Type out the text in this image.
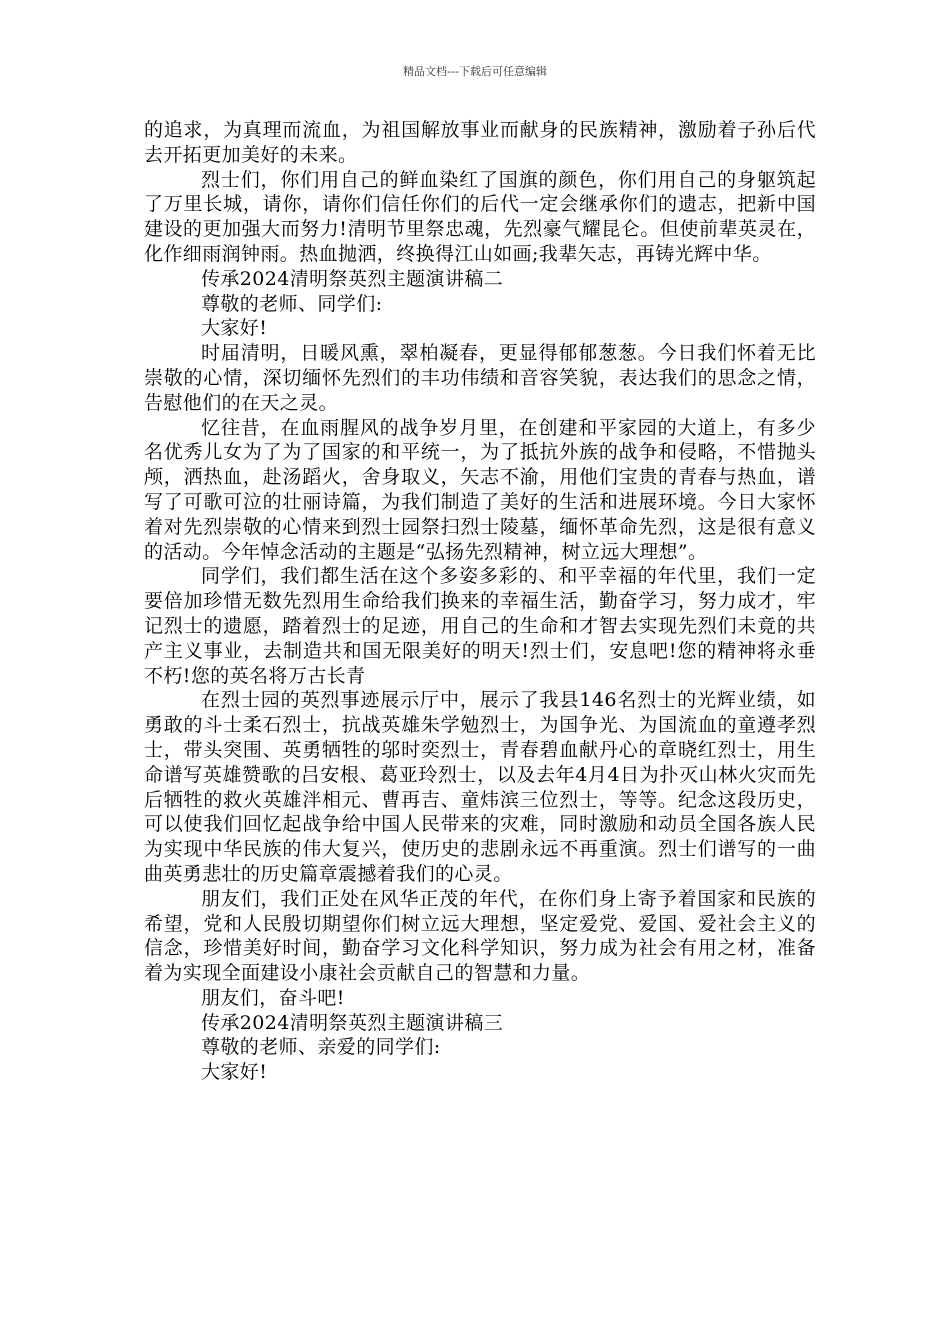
精品文档---下载后可任意编辑

的追求，为真理而流血，为祖国解放事业而献身的民族精神，激励着子孙后代去开拓更加美好的未来。

烈士们，你们用自己的鲜血染红了国旗的颜色，你们用自己的身躯筑起了万里长城，请你，请你们信任你们的后代一定会继承你们的遗志，把新中国建设的更加强大而努力!清明节里祭忠魂，先烈豪气耀昆仑。但使前辈英灵在，化作细雨润钟雨。热血抛洒，终换得江山如画;我辈矢志，再铸光辉中华。

传承2024清明祭英烈主题演讲稿二

尊敬的老师、同学们:

大家好!

时届清明，日暖风熏，翠柏凝春，更显得郁郁葱葱。今日我们怀着无比崇敬的心情，深切缅怀先烈们的丰功伟绩和音容笑貌，表达我们的思念之情，告慰他们的在天之灵。

忆往昔，在血雨腥风的战争岁月里，在创建和平家园的大道上，有多少名优秀儿女为了为了国家的和平统一，为了抵抗外族的战争和侵略，不惜抛头颅，洒热血，赴汤蹈火，舍身取义，矢志不渝，用他们宝贵的青春与热血，谱写了可歌可泣的壮丽诗篇，为我们制造了美好的生活和进展环境。今日大家怀着对先烈崇敬的心情来到烈士园祭扫烈士陵墓，缅怀革命先烈，这是很有意义的活动。今年悼念活动的主题是“弘扬先烈精神，树立远大理想”。

同学们，我们都生活在这个多姿多彩的、和平幸福的年代里，我们一定要倍加珍惜无数先烈用生命给我们换来的幸福生活，勤奋学习，努力成才，牢记烈士的遗愿，踏着烈士的足迹，用自己的生命和才智去实现先烈们未竟的共产主义事业，去制造共和国无限美好的明天!烈士们，安息吧!您的精神将永垂不朽!您的英名将万古长青

在烈士园的英烈事迹展示厅中，展示了我县146名烈士的光辉业绩，如勇敢的斗士柔石烈士，抗战英雄朱学勉烈士，为国争光、为国流血的童遵孝烈士，带头突围、英勇牺牲的邬时奕烈士，青春碧血献丹心的章晓红烈士，用生命谱写英雄赞歌的吕安根、葛亚玲烈士，以及去年4月4日为扑灭山林火灾而先后牺牲的救火英雄泮相元、曹再吉、童炜滨三位烈士，等等。纪念这段历史，可以使我们回忆起战争给中国人民带来的灾难，同时激励和动员全国各族人民为实现中华民族的伟大复兴，使历史的悲剧永远不再重演。烈士们谱写的一曲曲英勇悲壮的历史篇章震撼着我们的心灵。

朋友们，我们正处在风华正茂的年代，在你们身上寄予着国家和民族的希望，党和人民殷切期望你们树立远大理想，坚定爱党、爱国、爱社会主义的信念，珍惜美好时间，勤奋学习文化科学知识，努力成为社会有用之材，准备着为实现全面建设小康社会贡献自己的智慧和力量。

朋友们，奋斗吧!

传承2024清明祭英烈主题演讲稿三

尊敬的老师、亲爱的同学们:

大家好!
